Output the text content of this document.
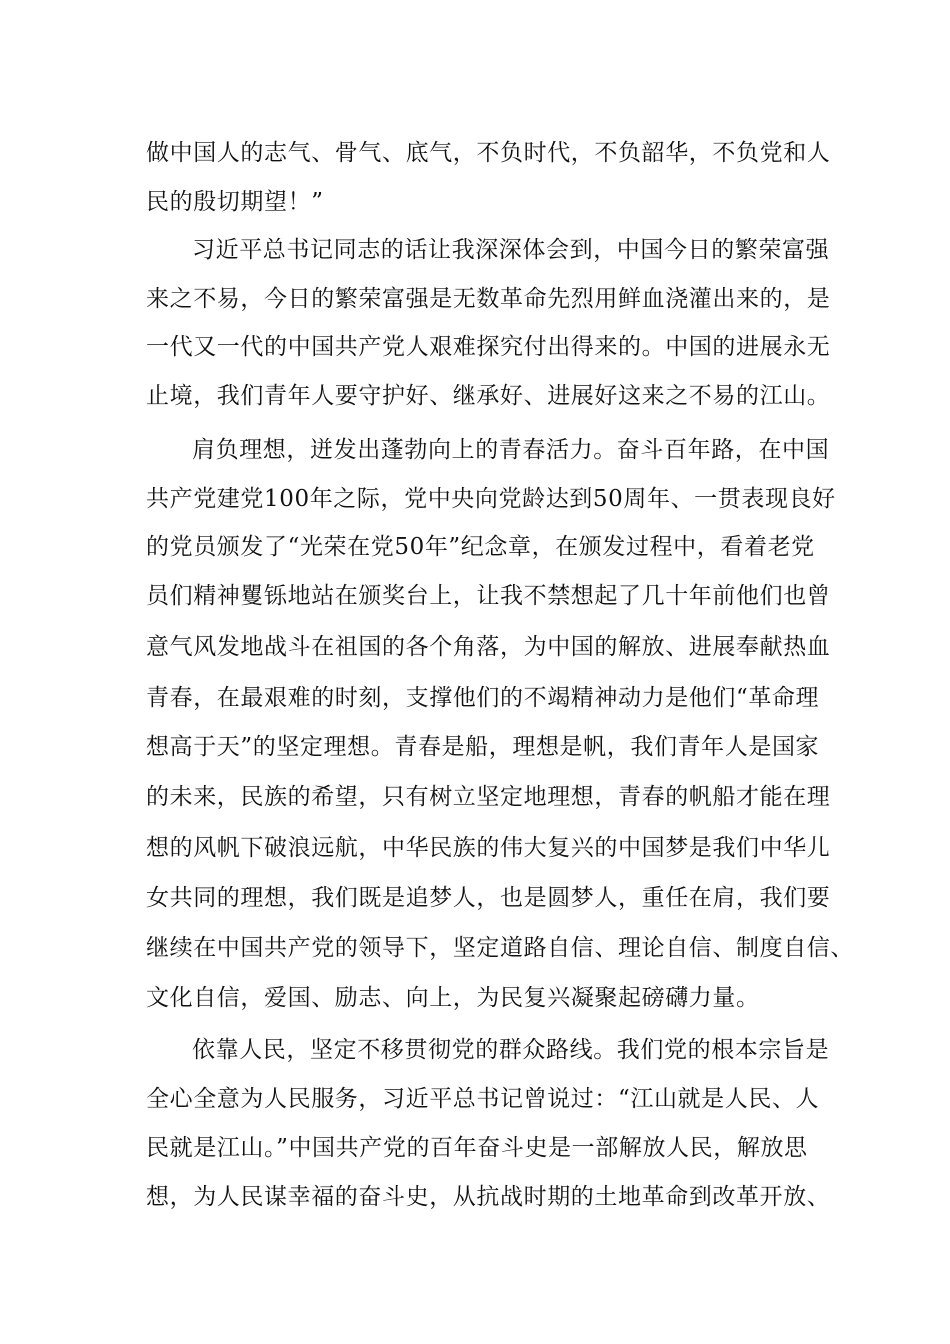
做中国人的志气、骨气、底气，不负时代，不负韶华，不负党和人
民的殷切期望！”
习近平总书记同志的话让我深深体会到，中国今日的繁荣富强
来之不易，今日的繁荣富强是无数革命先烈用鲜血浇灌出来的，是
一代又一代的中国共产党人艰难探究付出得来的。中国的进展永无
止境，我们青年人要守护好、继承好、进展好这来之不易的江山。
肩负理想，迸发出蓬勃向上的青春活力。奋斗百年路，在中国
共产党建党100年之际，党中央向党龄达到50周年、一贯表现良好
的党员颁发了“光荣在党50年”纪念章，在颁发过程中，看着老党
员们精神矍铄地站在颁奖台上，让我不禁想起了几十年前他们也曾
意气风发地战斗在祖国的各个角落，为中国的解放、进展奉献热血
青春，在最艰难的时刻，支撑他们的不竭精神动力是他们“革命理
想高于天”的坚定理想。青春是船，理想是帆，我们青年人是国家
的未来，民族的希望，只有树立坚定地理想，青春的帆船才能在理
想的风帆下破浪远航，中华民族的伟大复兴的中国梦是我们中华儿
女共同的理想，我们既是追梦人，也是圆梦人，重任在肩，我们要
继续在中国共产党的领导下，坚定道路自信、理论自信、制度自信、
文化自信，爱国、励志、向上，为民复兴凝聚起磅礴力量。
依靠人民，坚定不移贯彻党的群众路线。我们党的根本宗旨是
全心全意为人民服务，习近平总书记曾说过：“江山就是人民、人
民就是江山。”中国共产党的百年奋斗史是一部解放人民，解放思
想，为人民谋幸福的奋斗史，从抗战时期的土地革命到改革开放、
